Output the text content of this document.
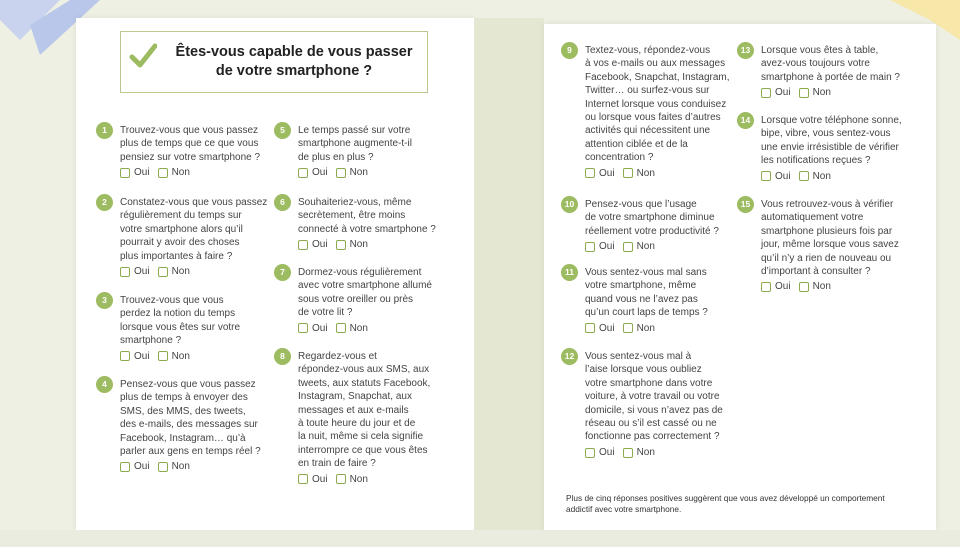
Êtes-vous capable de vous passer
de votre smartphone ?
1	Trouvez-vous que vous passez
plus de temps que ce que vous
pensiez sur votre smartphone ?
Oui Non
2	Constatez-vous que vous passez
régulièrement du temps sur
votre smartphone alors qu’il
pourrait y avoir des choses
plus importantes à faire ?
Oui Non
3	Trouvez-vous que vous
perdez la notion du temps
lorsque vous êtes sur votre
smartphone ?
Oui Non
4	Pensez-vous que vous passez
plus de temps à envoyer des
SMS, des MMS, des tweets,
des e-mails, des messages sur
Facebook, Instagram… qu’à
parler aux gens en temps réel ?
Oui Non
5	Le temps passé sur votre
smartphone augmente-t-il
de plus en plus ?
Oui Non
6	Souhaiteriez-vous, même
secrètement, être moins
connecté à votre smartphone ?
Oui Non
7	Dormez-vous régulièrement
avec votre smartphone allumé
sous votre oreiller ou près
de votre lit ?
Oui Non
8	Regardez-vous et
répondez-vous aux SMS, aux
tweets, aux statuts Facebook,
Instagram, Snapchat, aux
messages et aux e-mails
à toute heure du jour et de
la nuit, même si cela signifie
interrompre ce que vous êtes
en train de faire ?
Oui Non
9	Textez-vous, répondez-vous
à vos e-mails ou aux messages
Facebook, Snapchat, Instagram,
Twitter… ou surfez-vous sur
Internet lorsque vous conduisez
ou lorsque vous faites d’autres
activités qui nécessitent une
attention ciblée et de la
concentration ?
Oui Non
10	Pensez-vous que l’usage
de votre smartphone diminue
réellement votre productivité ?
Oui Non
11	Vous sentez-vous mal sans
votre smartphone, même
quand vous ne l’avez pas
qu’un court laps de temps ?
Oui Non
12	Vous sentez-vous mal à
l’aise lorsque vous oubliez
votre smartphone dans votre
voiture, à votre travail ou votre
domicile, si vous n’avez pas de
réseau ou s’il est cassé ou ne
fonctionne pas correctement ?
Oui Non
13	Lorsque vous êtes à table,
avez-vous toujours votre
smartphone à portée de main ?
Oui Non
14	Lorsque votre téléphone sonne,
bipe, vibre, vous sentez-vous
une envie irrésistible de vérifier
les notifications reçues ?
Oui Non
15	Vous retrouvez-vous à vérifier
automatiquement votre
smartphone plusieurs fois par
jour, même lorsque vous savez
qu’il n’y a rien de nouveau ou
d’important à consulter ?
Oui Non
Plus de cinq réponses positives suggèrent que vous avez développé un comportement
addictif avec votre smartphone.
